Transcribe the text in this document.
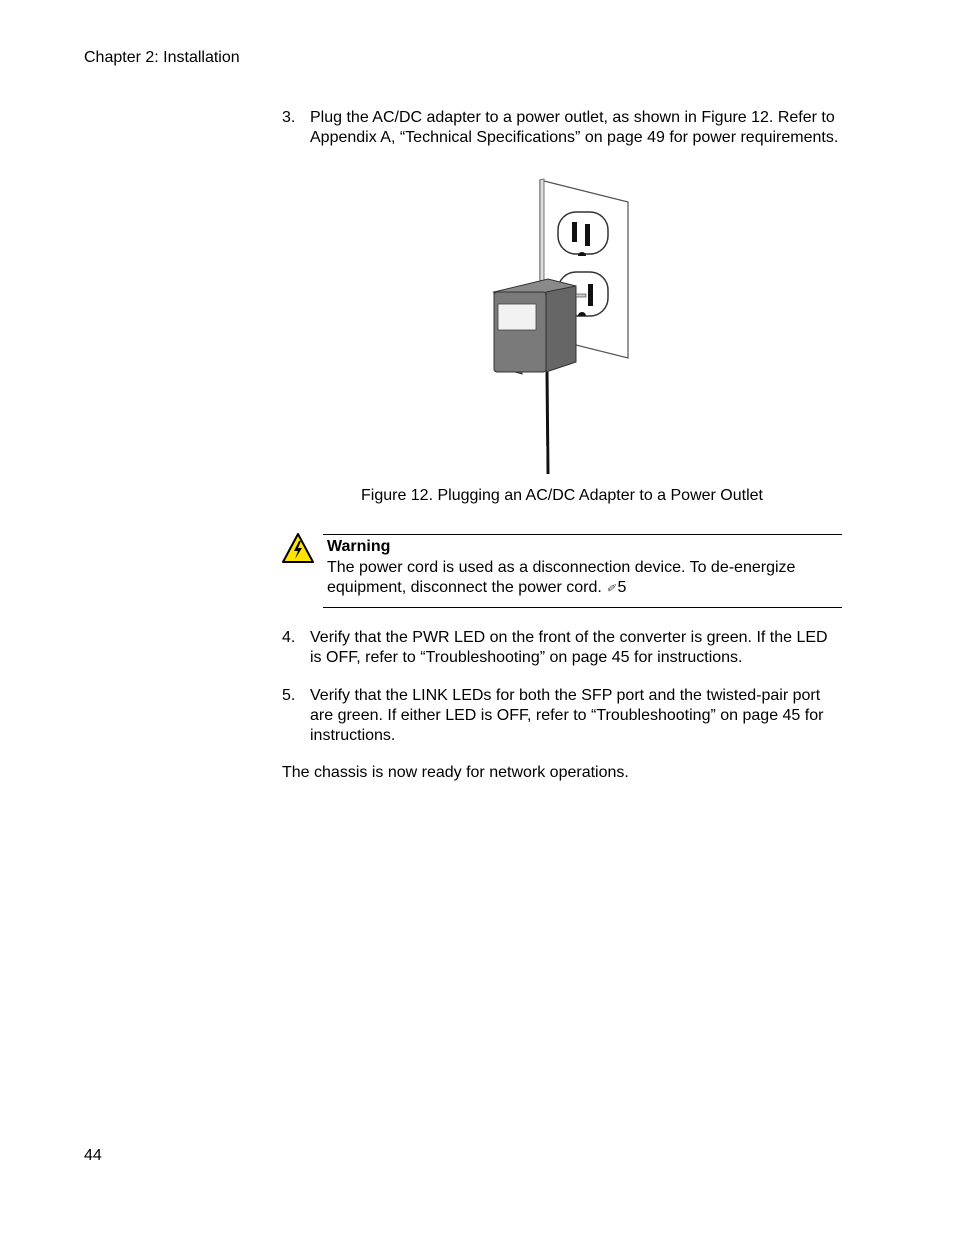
Chapter 2: Installation
3. Plug the AC/DC adapter to a power outlet, as shown in Figure 12. Refer to Appendix A, “Technical Specifications” on page 49 for power requirements.
Figure 12. Plugging an AC/DC Adapter to a Power Outlet
Warning
The power cord is used as a disconnection device. To de-energize equipment, disconnect the power cord. ✐ 5
4. Verify that the PWR LED on the front of the converter is green. If the LED is OFF, refer to “Troubleshooting” on page 45 for instructions.
5. Verify that the LINK LEDs for both the SFP port and the twisted-pair port are green. If either LED is OFF, refer to “Troubleshooting” on page 45 for instructions.
The chassis is now ready for network operations.
44
